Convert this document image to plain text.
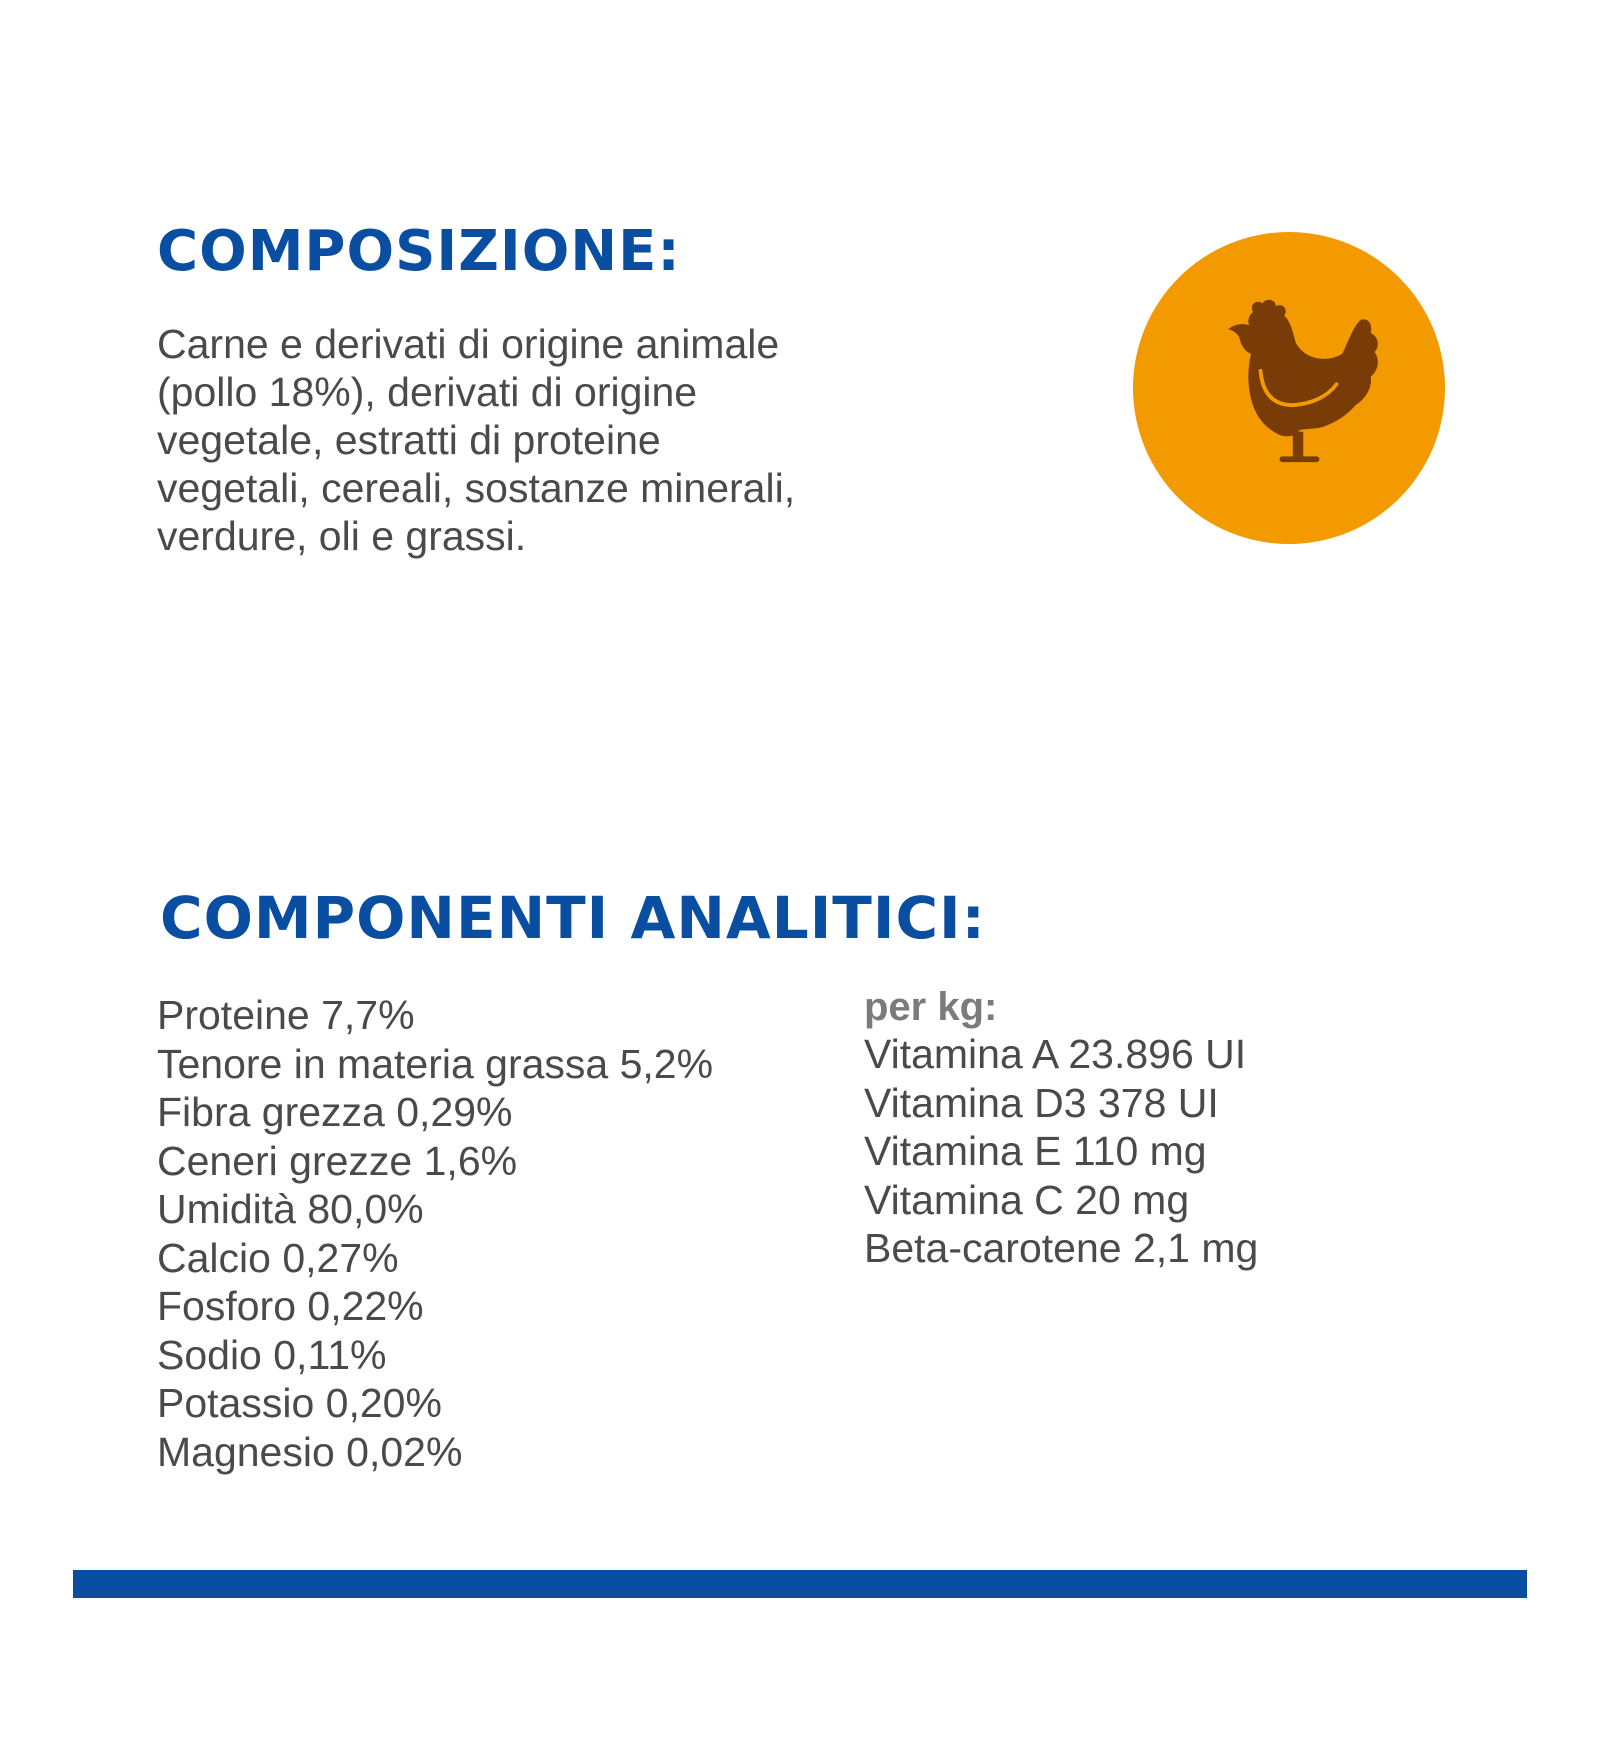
COMPOSIZIONE:

Carne e derivati di origine animale (pollo 18%), derivati di origine vegetale, estratti di proteine vegetali, cereali, sostanze minerali, verdure, oli e grassi.

COMPONENTI ANALITICI:
Proteine 7,7%
Tenore in materia grassa 5,2%
Fibra grezza 0,29%
Ceneri grezze 1,6%
Umidità 80,0%
Calcio 0,27%
Fosforo 0,22%
Sodio 0,11%
Potassio 0,20%
Magnesio 0,02%
per kg:
Vitamina A 23.896 UI
Vitamina D3 378 UI
Vitamina E 110 mg
Vitamina C 20 mg
Beta-carotene 2,1 mg
